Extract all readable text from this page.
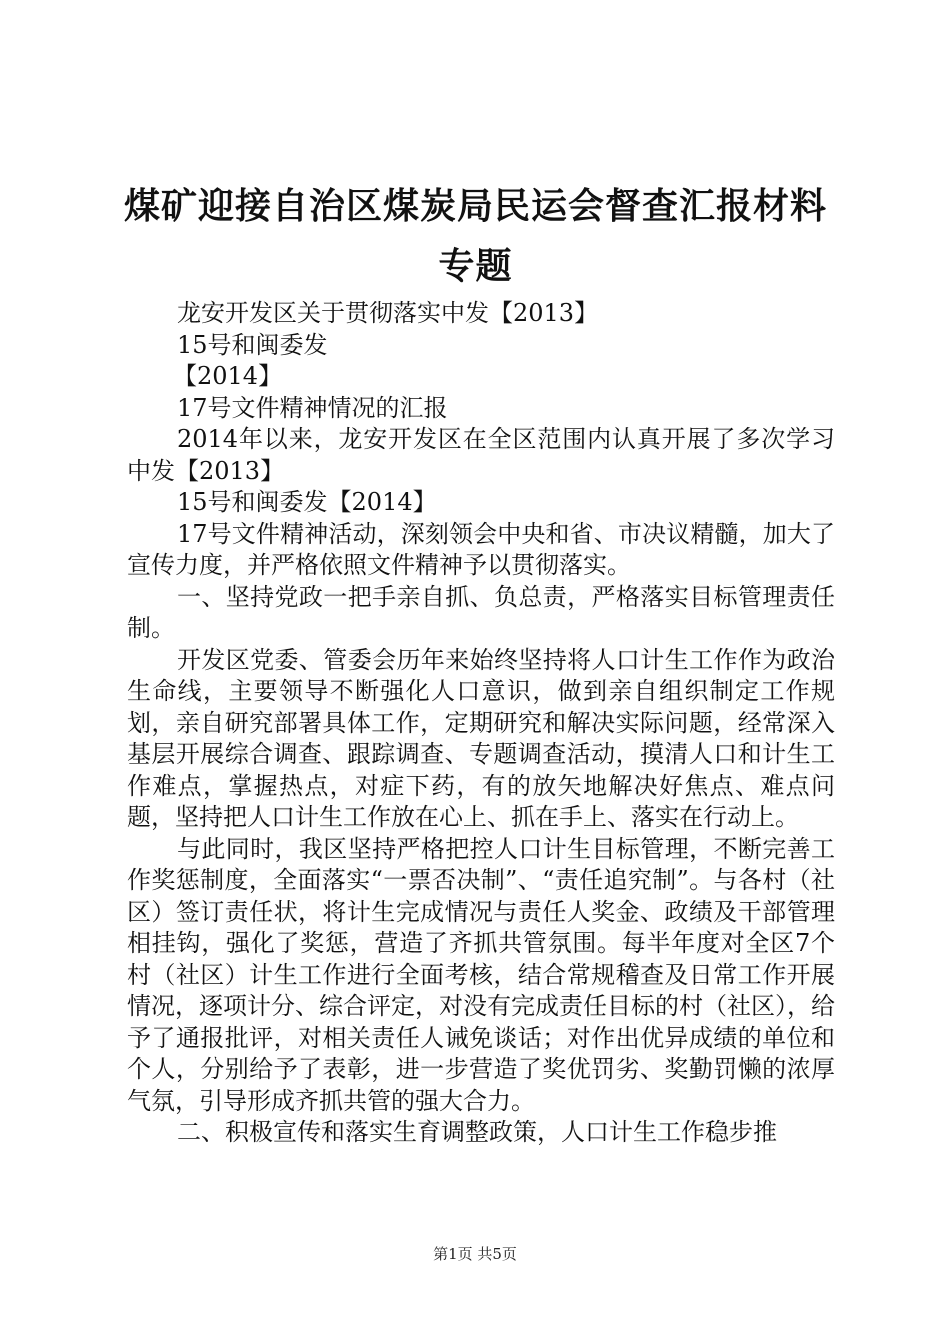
煤矿迎接自治区煤炭局民运会督查汇报材料专题

龙安开发区关于贯彻落实中发【2013】

15号和闽委发

【2014】

17号文件精神情况的汇报

2014年以来，龙安开发区在全区范围内认真开展了多次学习中发【2013】

15号和闽委发【2014】

17号文件精神活动，深刻领会中央和省、市决议精髓，加大了宣传力度，并严格依照文件精神予以贯彻落实。

一、坚持党政一把手亲自抓、负总责，严格落实目标管理责任制。

开发区党委、管委会历年来始终坚持将人口计生工作作为政治生命线，主要领导不断强化人口意识，做到亲自组织制定工作规划，亲自研究部署具体工作，定期研究和解决实际问题，经常深入基层开展综合调查、跟踪调查、专题调查活动，摸清人口和计生工作难点，掌握热点，对症下药，有的放矢地解决好焦点、难点问题，坚持把人口计生工作放在心上、抓在手上、落实在行动上。

与此同时，我区坚持严格把控人口计生目标管理，不断完善工作奖惩制度，全面落实“一票否决制”、“责任追究制”。与各村（社区）签订责任状，将计生完成情况与责任人奖金、政绩及干部管理相挂钩，强化了奖惩，营造了齐抓共管氛围。每半年度对全区7个村（社区）计生工作进行全面考核，结合常规稽查及日常工作开展情况，逐项计分、综合评定，对没有完成责任目标的村（社区），给予了通报批评，对相关责任人诫免谈话；对作出优异成绩的单位和个人，分别给予了表彰，进一步营造了奖优罚劣、奖勤罚懒的浓厚气氛，引导形成齐抓共管的强大合力。

二、积极宣传和落实生育调整政策，人口计生工作稳步推

第1页 共5页
